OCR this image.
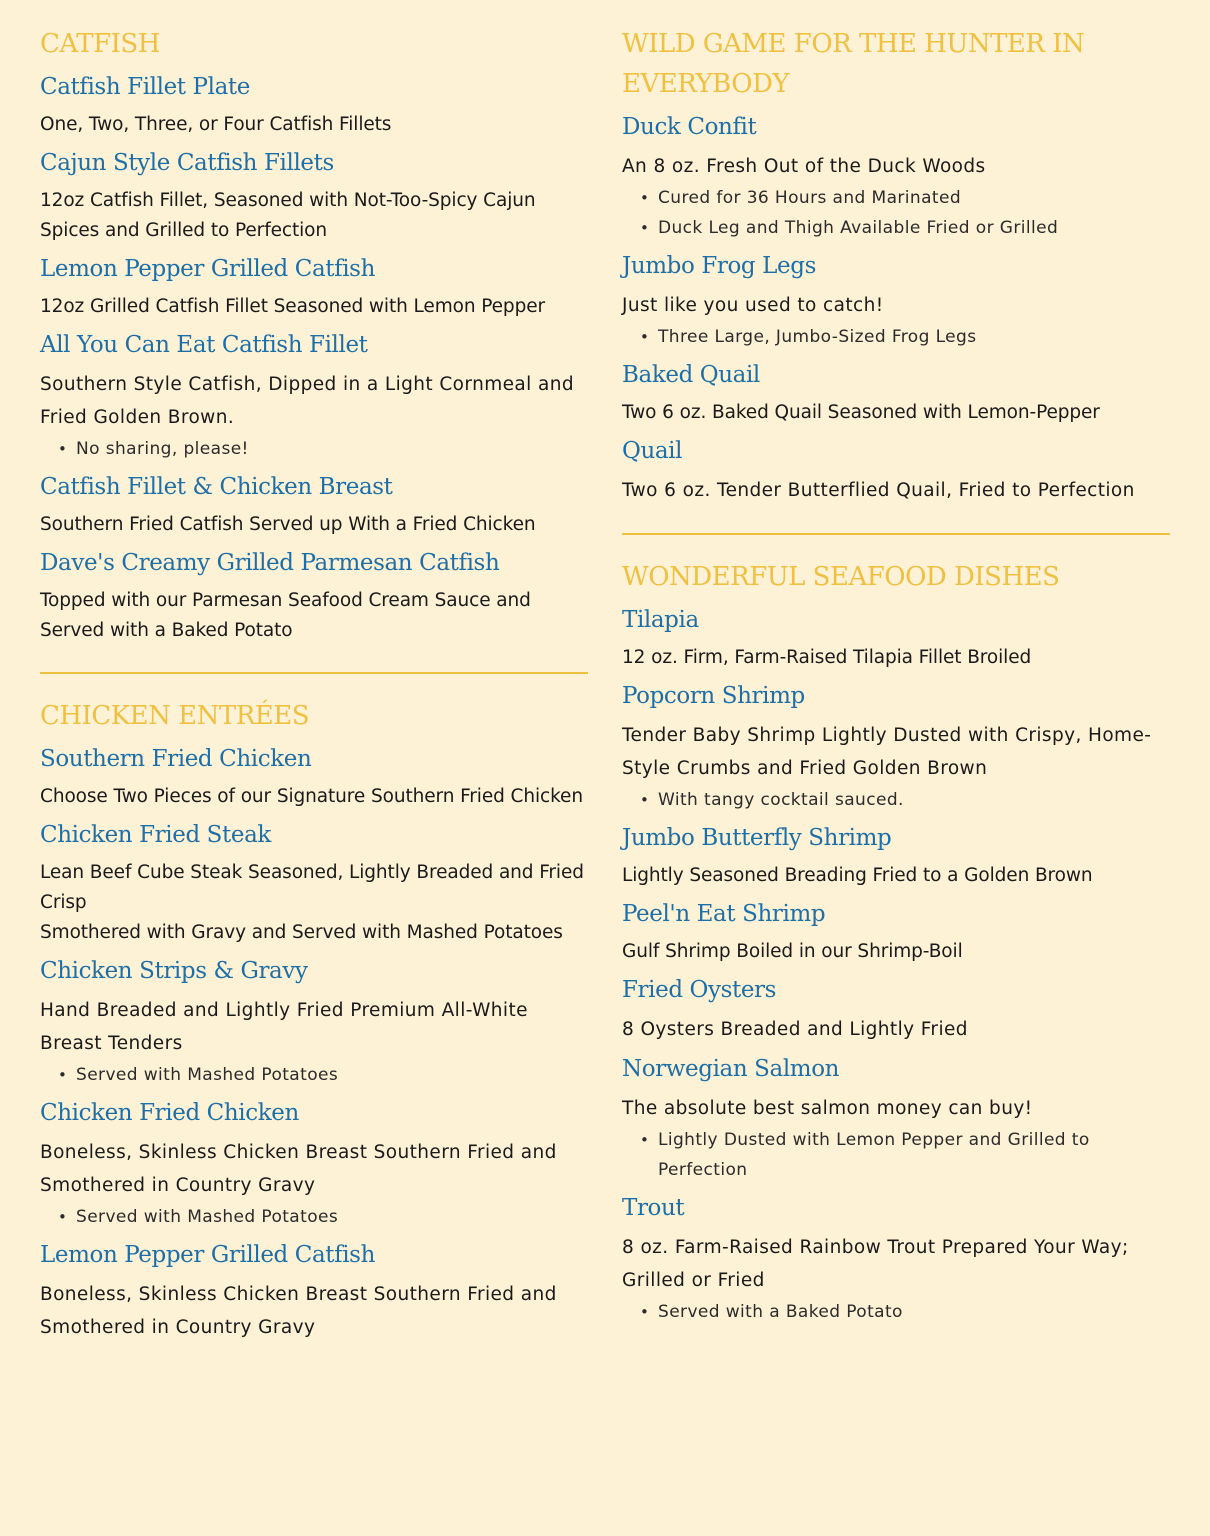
CATFISH
Catfish Fillet Plate

One, Two, Three, or Four Catfish Fillets

Cajun Style Catfish Fillets

12oz Catfish Fillet, Seasoned with Not-Too-Spicy Cajun Spices and Grilled to Perfection

Lemon Pepper Grilled Catfish

12oz Grilled Catfish Fillet Seasoned with Lemon Pepper

All You Can Eat Catfish Fillet

Southern Style Catfish, Dipped in a Light Cornmeal and Fried Golden Brown.

• No sharing, please!
Catfish Fillet & Chicken Breast

Southern Fried Catfish Served up With a Fried Chicken

Dave's Creamy Grilled Parmesan Catfish

Topped with our Parmesan Seafood Cream Sauce and Served with a Baked Potato

CHICKEN ENTRÉES
Southern Fried Chicken

Choose Two Pieces of our Signature Southern Fried Chicken

Chicken Fried Steak

Lean Beef Cube Steak Seasoned, Lightly Breaded and Fried Crisp

Smothered with Gravy and Served with Mashed Potatoes

Chicken Strips & Gravy

Hand Breaded and Lightly Fried Premium All-White Breast Tenders

• Served with Mashed Potatoes
Chicken Fried Chicken

Boneless, Skinless Chicken Breast Southern Fried and Smothered in Country Gravy

• Served with Mashed Potatoes
Lemon Pepper Grilled Catfish

Boneless, Skinless Chicken Breast Southern Fried and Smothered in Country Gravy

WILD GAME FOR THE HUNTER IN EVERYBODY
Duck Confit

An 8 oz. Fresh Out of the Duck Woods

• Cured for 36 Hours and Marinated
• Duck Leg and Thigh Available Fried or Grilled
Jumbo Frog Legs

Just like you used to catch!

• Three Large, Jumbo-Sized Frog Legs
Baked Quail

Two 6 oz. Baked Quail Seasoned with Lemon-Pepper

Quail

Two 6 oz. Tender Butterflied Quail, Fried to Perfection

WONDERFUL SEAFOOD DISHES
Tilapia

12 oz. Firm, Farm-Raised Tilapia Fillet Broiled

Popcorn Shrimp

Tender Baby Shrimp Lightly Dusted with Crispy, Home-Style Crumbs and Fried Golden Brown

• With tangy cocktail sauced.
Jumbo Butterfly Shrimp

Lightly Seasoned Breading Fried to a Golden Brown

Peel'n Eat Shrimp

Gulf Shrimp Boiled in our Shrimp-Boil

Fried Oysters

8 Oysters Breaded and Lightly Fried

Norwegian Salmon

The absolute best salmon money can buy!

• Lightly Dusted with Lemon Pepper and Grilled to Perfection
Trout

8 oz. Farm-Raised Rainbow Trout Prepared Your Way;

Grilled or Fried

• Served with a Baked Potato
